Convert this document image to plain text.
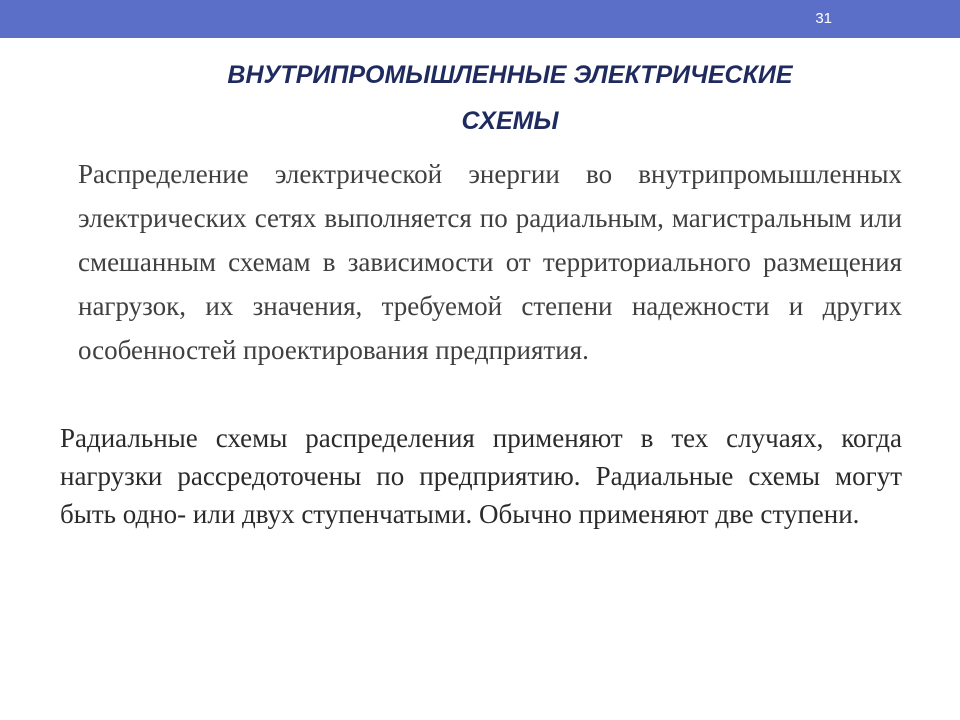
31
ВНУТРИПРОМЫШЛЕННЫЕ ЭЛЕКТРИЧЕСКИЕ
СХЕМЫ

Распределение электрической энергии во внутрипромышленных электрических сетях выполняется по радиальным, магистральным или смешанным схемам в зависимости от территориального размещения нагрузок, их значения, требуемой степени надежности и других особенностей проектирования предприятия.

Радиальные схемы распределения применяют в тех случаях, когда нагрузки рассредоточены по предприятию. Радиальные схемы могут быть одно- или двух ступенчатыми. Обычно применяют две ступени.
